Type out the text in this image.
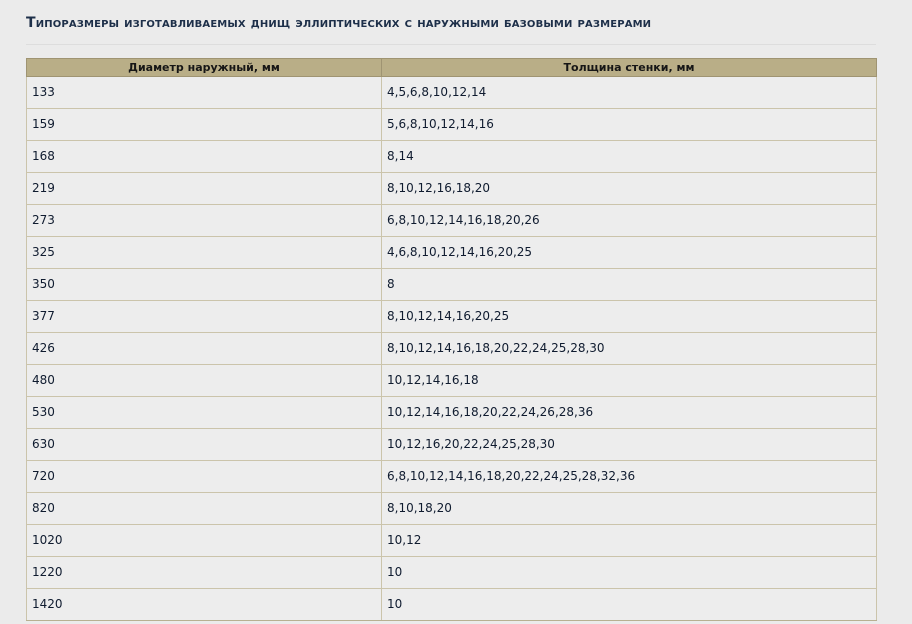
Типоразмеры изготавливаемых днищ эллиптических с наружными базовыми размерами
Диаметр наружный, мм	Толщина стенки, мм
133	4,5,6,8,10,12,14
159	5,6,8,10,12,14,16
168	8,14
219	8,10,12,16,18,20
273	6,8,10,12,14,16,18,20,26
325	4,6,8,10,12,14,16,20,25
350	8
377	8,10,12,14,16,20,25
426	8,10,12,14,16,18,20,22,24,25,28,30
480	10,12,14,16,18
530	10,12,14,16,18,20,22,24,26,28,36
630	10,12,16,20,22,24,25,28,30
720	6,8,10,12,14,16,18,20,22,24,25,28,32,36
820	8,10,18,20
1020	10,12
1220	10
1420	10
